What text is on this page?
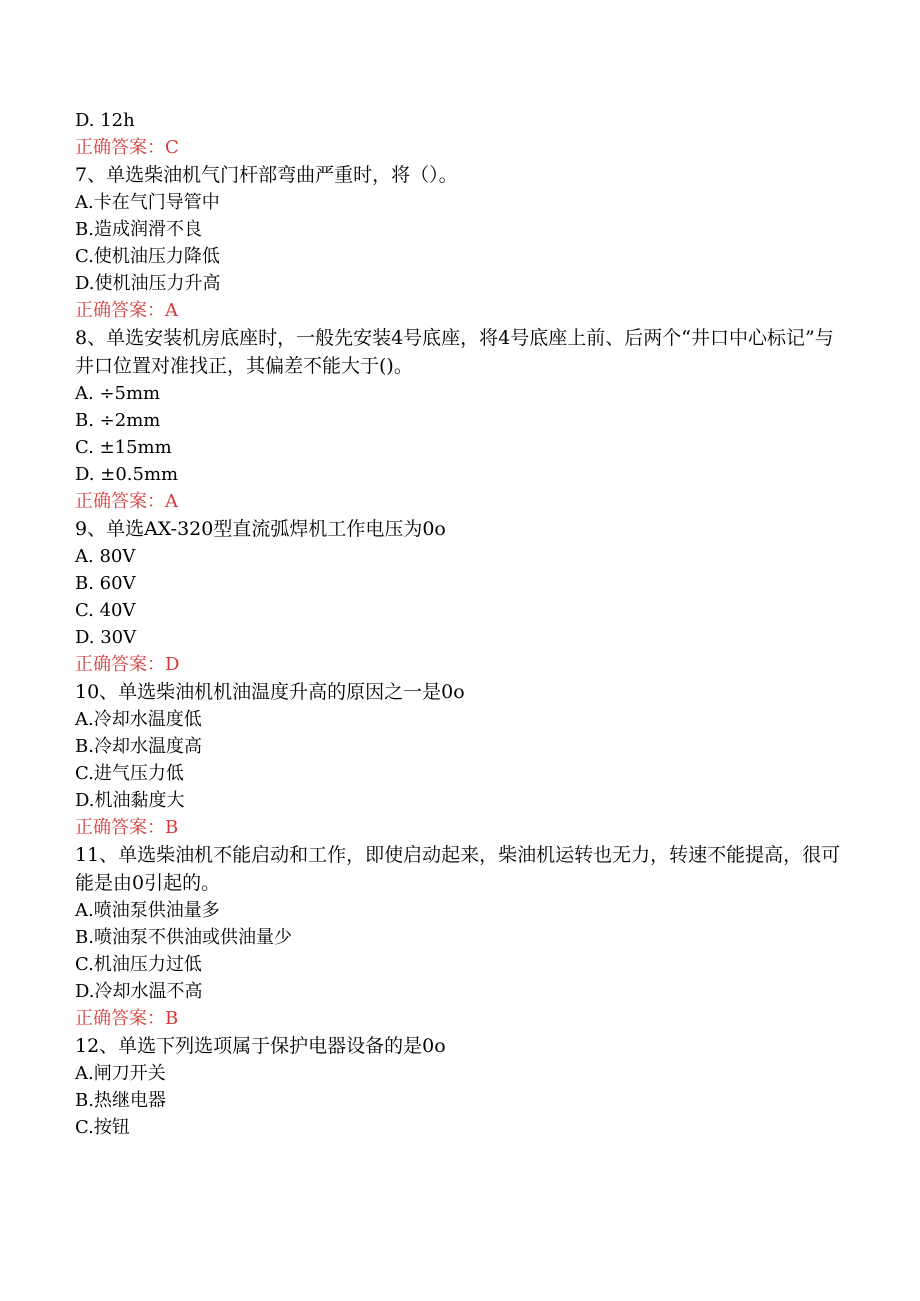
D. 12h
正确答案：C
7、单选柴油机气门杆部弯曲严重时，将（）。
A.卡在气门导管中
B.造成润滑不良
C.使机油压力降低
D.使机油压力升高
正确答案：A
8、单选安装机房底座时，一般先安装4号底座，将4号底座上前、后两个“井口中心标记”与井口位置对准找正，其偏差不能大于()。
A. ÷5mm
B. ÷2mm
C. ±15mm
D. ±0.5mm
正确答案：A
9、单选AX-320型直流弧焊机工作电压为0o
A. 80V
B. 60V
C. 40V
D. 30V
正确答案：D
10、单选柴油机机油温度升高的原因之一是0o
A.冷却水温度低
B.冷却水温度高
C.进气压力低
D.机油黏度大
正确答案：B
11、单选柴油机不能启动和工作，即使启动起来，柴油机运转也无力，转速不能提高，很可能是由0引起的。
A.喷油泵供油量多
B.喷油泵不供油或供油量少
C.机油压力过低
D.冷却水温不高
正确答案：B
12、单选下列选项属于保护电器设备的是0o
A.闸刀开关
B.热继电器
C.按钮
